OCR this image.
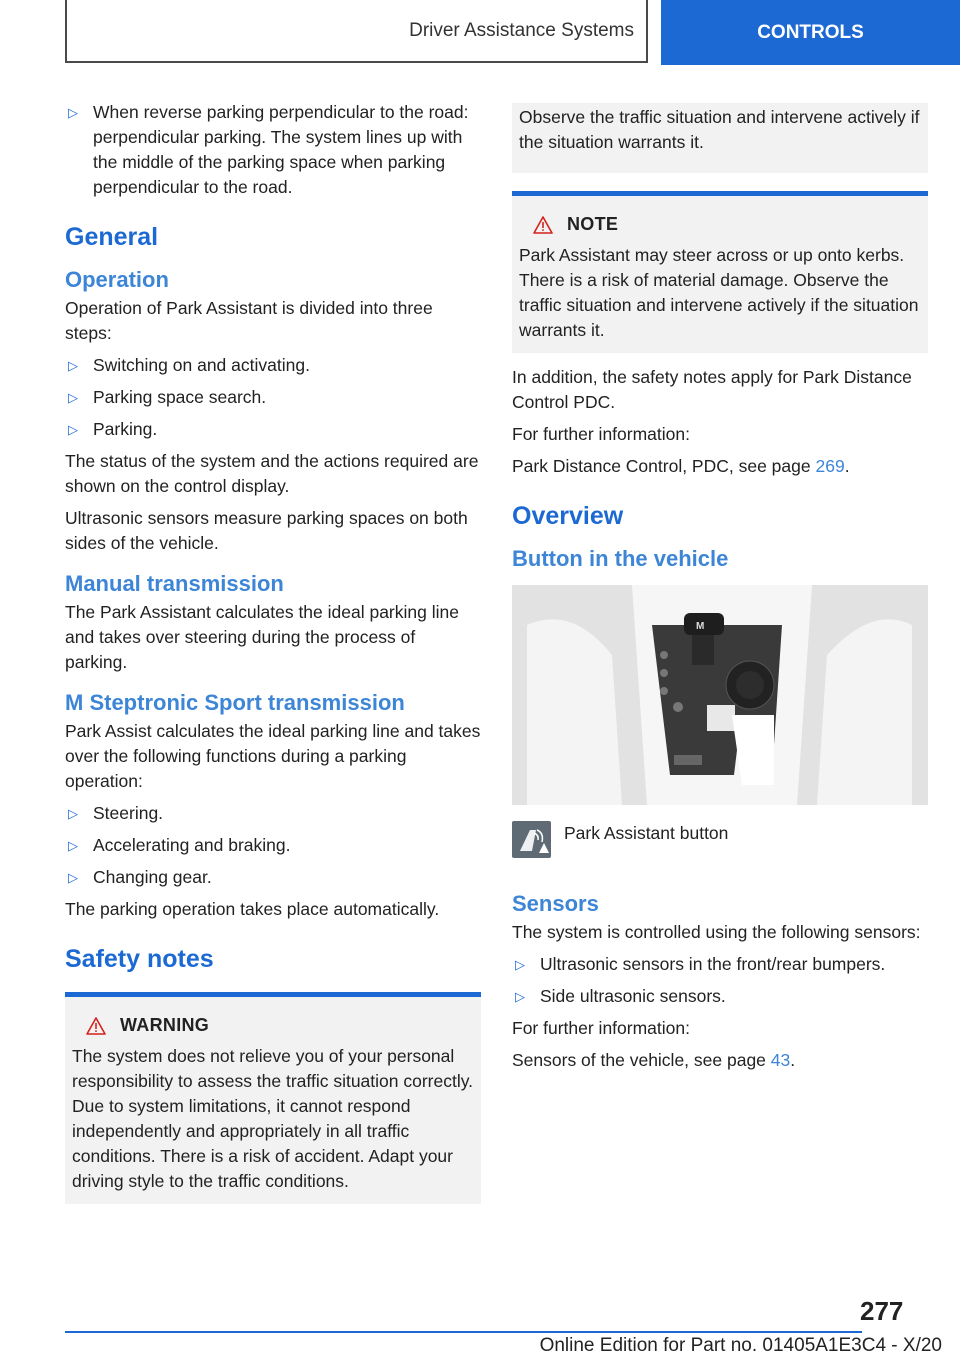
Driver Assistance Systems	CONTROLS
▷ When reverse parking perpendicular to the road: perpendicular parking. The system lines up with the middle of the parking space when parking perpendicular to the road.
General
Operation

Operation of Park Assistant is divided into three steps:

▷ Switching on and activating.
▷ Parking space search.
▷ Parking.

The status of the system and the actions required are shown on the control display.

Ultrasonic sensors measure parking spaces on both sides of the vehicle.

Manual transmission

The Park Assistant calculates the ideal parking line and takes over steering during the process of parking.

M Steptronic Sport transmission

Park Assist calculates the ideal parking line and takes over the following functions during a parking operation:

▷ Steering.
▷ Accelerating and braking.
▷ Changing gear.

The parking operation takes place automatically.

Safety notes
WARNING

The system does not relieve you of your personal responsibility to assess the traffic situation correctly. Due to system limitations, it cannot respond independently and appropriately in all traffic conditions. There is a risk of accident. Adapt your driving style to the traffic conditions.

Observe the traffic situation and intervene actively if the situation warrants it.

NOTE

Park Assistant may steer across or up onto kerbs. There is a risk of material damage. Observe the traffic situation and intervene actively if the situation warrants it.

In addition, the safety notes apply for Park Distance Control PDC.

For further information:

Park Distance Control, PDC, see page 269.

Overview
Button in the vehicle
M
Park Assistant button
Sensors

The system is controlled using the following sensors:

▷ Ultrasonic sensors in the front/rear bumpers.
▷ Side ultrasonic sensors.

For further information:

Sensors of the vehicle, see page 43.

277
Online Edition for Part no. 01405A1E3C4 - X/20
